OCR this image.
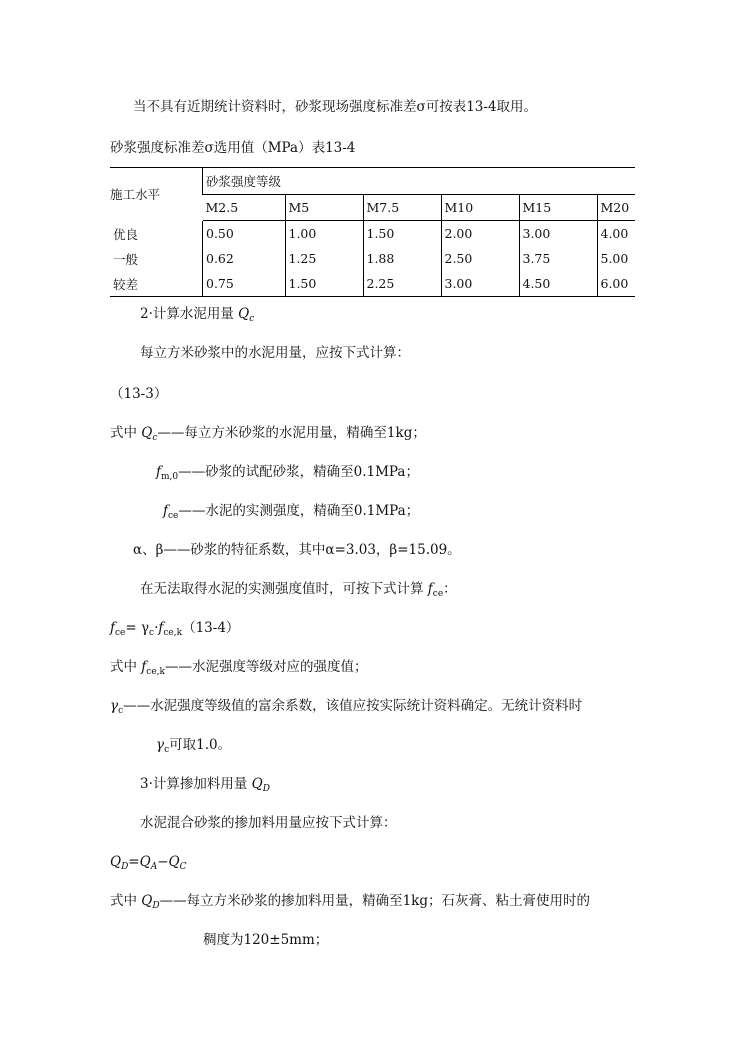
当不具有近期统计资料时，砂浆现场强度标准差σ可按表13-4取用。
砂浆强度标准差σ选用值（MPa）表13-4
施工水平	砂浆强度等级					
	M2.5	M5	M7.5	M10	M15	M20
优良	0.50	1.00	1.50	2.00	3.00	4.00
一般	0.62	1.25	1.88	2.50	3.75	5.00
较差	0.75	1.50	2.25	3.00	4.50	6.00
2·计算水泥用量 $Q_c$
每立方米砂浆中的水泥用量，应按下式计算：
（13-3）
式中 $Q_c——$每立方米砂浆的水泥用量，精确至1kg；
$f_{m,0}——$砂浆的试配砂浆，精确至0.1MPa；
$f_{ce}——$水泥的实测强度，精确至0.1MPa；
α、β——砂浆的特征系数，其中α=3.03，β=15.09。
在无法取得水泥的实测强度值时，可按下式计算 $f_{ce}$：
$f_{ce}= \gamma_c\cdot f_{ce,k}(13-4)$
式中 $f_{ce,k}——$水泥强度等级对应的强度值；
$\gamma_c——$水泥强度等级值的富余系数，该值应按实际统计资料确定。无统计资料时
$\gamma_c$可取1.0。
3·计算掺加料用量 $Q_D$
水泥混合砂浆的掺加料用量应按下式计算：
$Q_D=Q_A-Q_C$
式中 $Q_D——$每立方米砂浆的掺加料用量，精确至1kg；石灰膏、粘土膏使用时的
稠度为120±5mm；
